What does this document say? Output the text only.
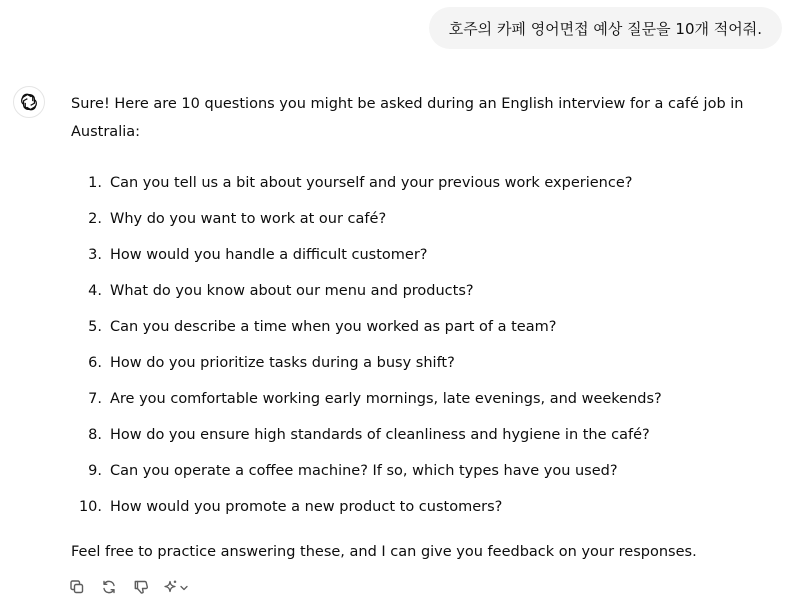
호주의 카페 영어면접 예상 질문을 10개 적어줘.

Sure! Here are 10 questions you might be asked during an English interview for a café job in Australia:

1. Can you tell us a bit about yourself and your previous work experience?
2. Why do you want to work at our café?
3. How would you handle a difficult customer?
4. What do you know about our menu and products?
5. Can you describe a time when you worked as part of a team?
6. How do you prioritize tasks during a busy shift?
7. Are you comfortable working early mornings, late evenings, and weekends?
8. How do you ensure high standards of cleanliness and hygiene in the café?
9. Can you operate a coffee machine? If so, which types have you used?
10. How would you promote a new product to customers?
Feel free to practice answering these, and I can give you feedback on your responses.
